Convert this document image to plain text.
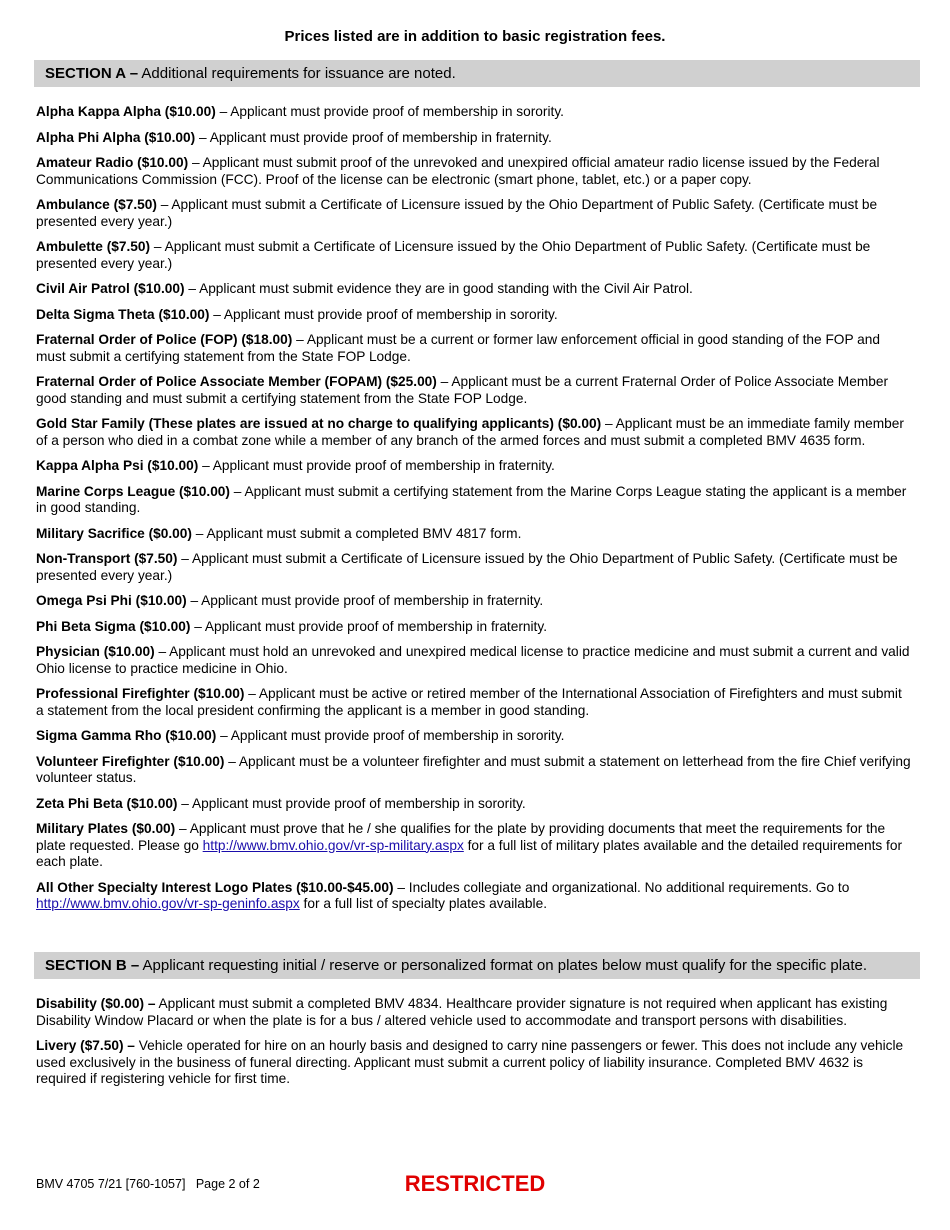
Prices listed are in addition to basic registration fees.
SECTION A – Additional requirements for issuance are noted.
Alpha Kappa Alpha ($10.00) – Applicant must provide proof of membership in sorority.
Alpha Phi Alpha ($10.00) – Applicant must provide proof of membership in fraternity.
Amateur Radio ($10.00) – Applicant must submit proof of the unrevoked and unexpired official amateur radio license issued by the Federal Communications Commission (FCC). Proof of the license can be electronic (smart phone, tablet, etc.) or a paper copy.
Ambulance ($7.50) – Applicant must submit a Certificate of Licensure issued by the Ohio Department of Public Safety. (Certificate must be presented every year.)
Ambulette ($7.50) – Applicant must submit a Certificate of Licensure issued by the Ohio Department of Public Safety. (Certificate must be presented every year.)
Civil Air Patrol ($10.00) – Applicant must submit evidence they are in good standing with the Civil Air Patrol.
Delta Sigma Theta ($10.00) – Applicant must provide proof of membership in sorority.
Fraternal Order of Police (FOP) ($18.00) – Applicant must be a current or former law enforcement official in good standing of the FOP and must submit a certifying statement from the State FOP Lodge.
Fraternal Order of Police Associate Member (FOPAM) ($25.00) – Applicant must be a current Fraternal Order of Police Associate Member good standing and must submit a certifying statement from the State FOP Lodge.
Gold Star Family (These plates are issued at no charge to qualifying applicants) ($0.00) – Applicant must be an immediate family member of a person who died in a combat zone while a member of any branch of the armed forces and must submit a completed BMV 4635 form.
Kappa Alpha Psi ($10.00) – Applicant must provide proof of membership in fraternity.
Marine Corps League ($10.00) – Applicant must submit a certifying statement from the Marine Corps League stating the applicant is a member in good standing.
Military Sacrifice ($0.00) – Applicant must submit a completed BMV 4817 form.
Non-Transport ($7.50) – Applicant must submit a Certificate of Licensure issued by the Ohio Department of Public Safety. (Certificate must be presented every year.)
Omega Psi Phi ($10.00) – Applicant must provide proof of membership in fraternity.
Phi Beta Sigma ($10.00) – Applicant must provide proof of membership in fraternity.
Physician ($10.00) – Applicant must hold an unrevoked and unexpired medical license to practice medicine and must submit a current and valid Ohio license to practice medicine in Ohio.
Professional Firefighter ($10.00) – Applicant must be active or retired member of the International Association of Firefighters and must submit a statement from the local president confirming the applicant is a member in good standing.
Sigma Gamma Rho ($10.00) – Applicant must provide proof of membership in sorority.
Volunteer Firefighter ($10.00) – Applicant must be a volunteer firefighter and must submit a statement on letterhead from the fire Chief verifying volunteer status.
Zeta Phi Beta ($10.00) – Applicant must provide proof of membership in sorority.
Military Plates ($0.00) – Applicant must prove that he / she qualifies for the plate by providing documents that meet the requirements for the plate requested. Please go http://www.bmv.ohio.gov/vr-sp-military.aspx for a full list of military plates available and the detailed requirements for each plate.
All Other Specialty Interest Logo Plates ($10.00-$45.00) – Includes collegiate and organizational. No additional requirements. Go to http://www.bmv.ohio.gov/vr-sp-geninfo.aspx for a full list of specialty plates available.
SECTION B – Applicant requesting initial / reserve or personalized format on plates below must qualify for the specific plate.
Disability ($0.00) – Applicant must submit a completed BMV 4834. Healthcare provider signature is not required when applicant has existing Disability Window Placard or when the plate is for a bus / altered vehicle used to accommodate and transport persons with disabilities.
Livery ($7.50) – Vehicle operated for hire on an hourly basis and designed to carry nine passengers or fewer. This does not include any vehicle used exclusively in the business of funeral directing. Applicant must submit a current policy of liability insurance. Completed BMV 4632 is required if registering vehicle for first time.
BMV 4705 7/21 [760-1057] Page 2 of 2	RESTRICTED
